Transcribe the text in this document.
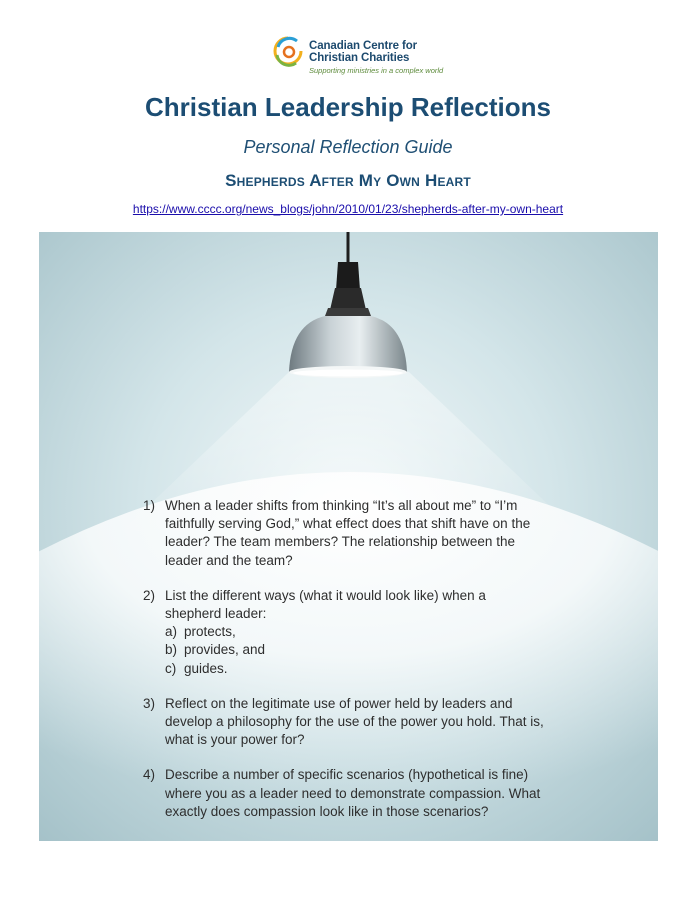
Canadian Centre for
Christian Charities
Supporting ministries in a complex world
Christian Leadership Reflections
Personal Reflection Guide
Shepherds After My Own Heart
https://www.cccc.org/news_blogs/john/2010/01/23/shepherds-after-my-own-heart
1) When a leader shifts from thinking “It’s all about me” to “I’m
faithfully serving God,” what effect does that shift have on the
leader? The team members? The relationship between the
leader and the team?
2) List the different ways (what it would look like) when a
shepherd leader:
a) protects,
b) provides, and
c) guides.
3) Reflect on the legitimate use of power held by leaders and
develop a philosophy for the use of the power you hold. That is,
what is your power for?
4) Describe a number of specific scenarios (hypothetical is fine)
where you as a leader need to demonstrate compassion. What
exactly does compassion look like in those scenarios?
